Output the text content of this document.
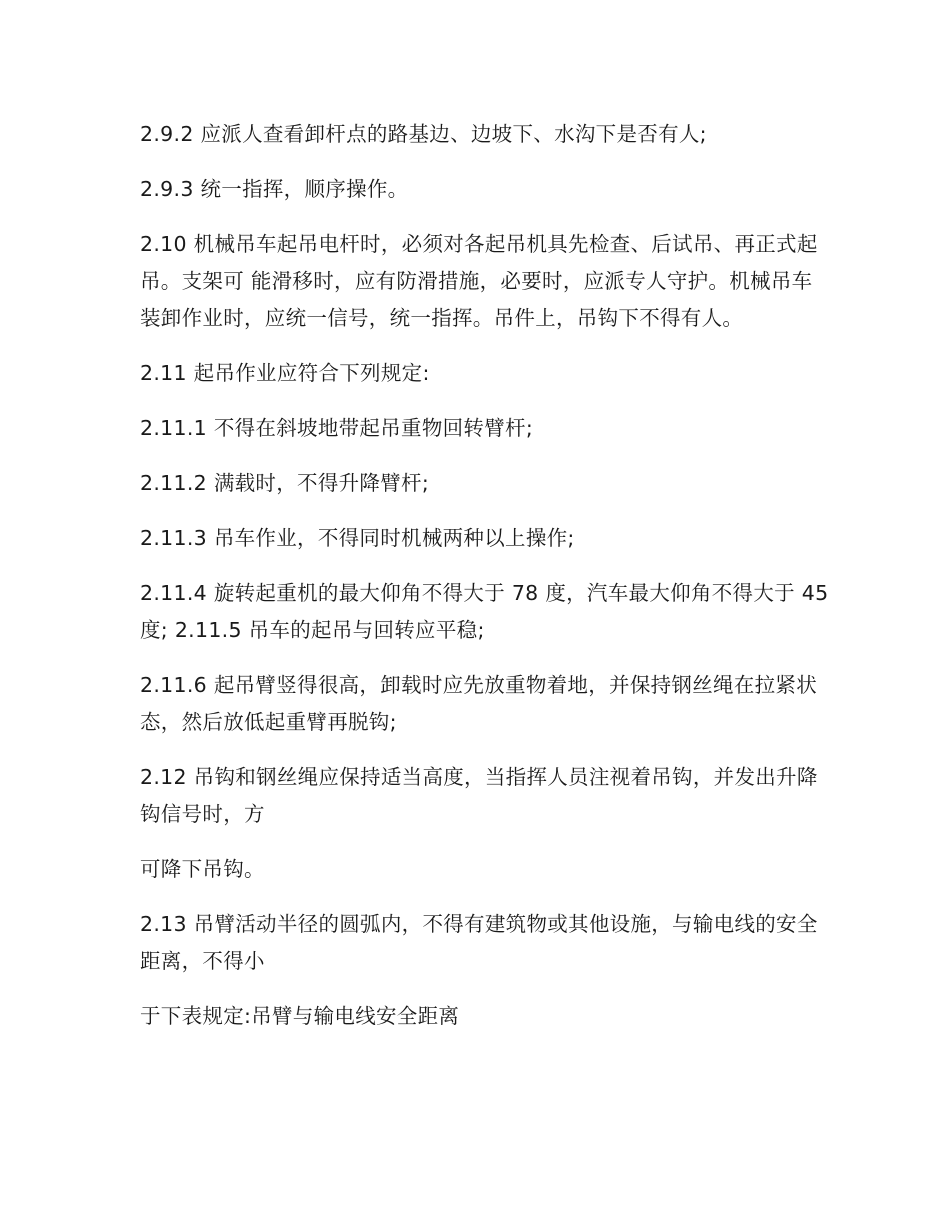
2.9.2 应派人查看卸杆点的路基边、边坡下、水沟下是否有人;

2.9.3 统一指挥，顺序操作。

2.10 机械吊车起吊电杆时，必须对各起吊机具先检查、后试吊、再正式起吊。支架可 能滑移时，应有防滑措施，必要时，应派专人守护。机械吊车装卸作业时，应统一信号，统一指挥。吊件上，吊钩下不得有人。

2.11 起吊作业应符合下列规定:

2.11.1 不得在斜坡地带起吊重物回转臂杆;

2.11.2 满载时，不得升降臂杆;

2.11.3 吊车作业，不得同时机械两种以上操作;

2.11.4 旋转起重机的最大仰角不得大于 78 度，汽车最大仰角不得大于 45 度; 2.11.5 吊车的起吊与回转应平稳;

2.11.6 起吊臂竖得很高，卸载时应先放重物着地，并保持钢丝绳在拉紧状态，然后放低起重臂再脱钩;

2.12 吊钩和钢丝绳应保持适当高度，当指挥人员注视着吊钩，并发出升降钩信号时，方

可降下吊钩。

2.13 吊臂活动半径的圆弧内，不得有建筑物或其他设施，与输电线的安全距离，不得小

于下表规定:吊臂与输电线安全距离
